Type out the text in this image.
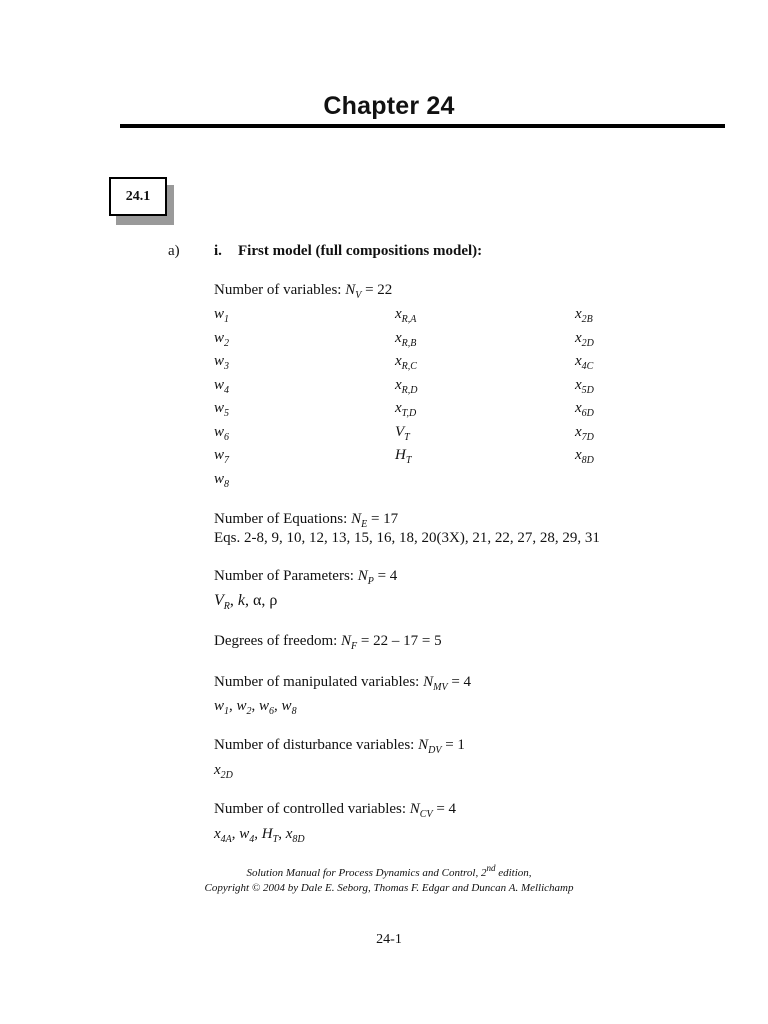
Chapter 24
24.1
a) i. First model (full compositions model):
Number of variables: $N_V = 22$
$w_1$
$w_2$
$w_3$
$w_4$
$w_5$
$w_6$
$w_7$
$w_8$
$x_{R,A}$
$x_{R,B}$
$x_{R,C}$
$x_{R,D}$
$x_{T,D}$
$V_T$
$H_T$
$x_{2B}$
$x_{2D}$
$x_{4C}$
$x_{5D}$
$x_{6D}$
$x_{7D}$
$x_{8D}$
Number of Equations: $N_E = 17$
Eqs. 2-8, 9, 10, 12, 13, 15, 16, 18, 20(3X), 21, 22, 27, 28, 29, 31
Number of Parameters: $N_P = 4$
$V_R$, k, α, ρ
Degrees of freedom: $N_F = 22 - 17 = 5$
Number of manipulated variables: $N_{MV} = 4$
$w_1$, $w_2$, $w_6$, $w_8$
Number of disturbance variables: $N_{DV} = 1$
$x_{2D}$
Number of controlled variables: $N_{CV} = 4$
$x_{4A}$, $w_4$, $H_T$, $x_{8D}$
Solution Manual for Process Dynamics and Control, 2nd edition,
Copyright © 2004 by Dale E. Seborg, Thomas F. Edgar and Duncan A. Mellichamp
24-1
